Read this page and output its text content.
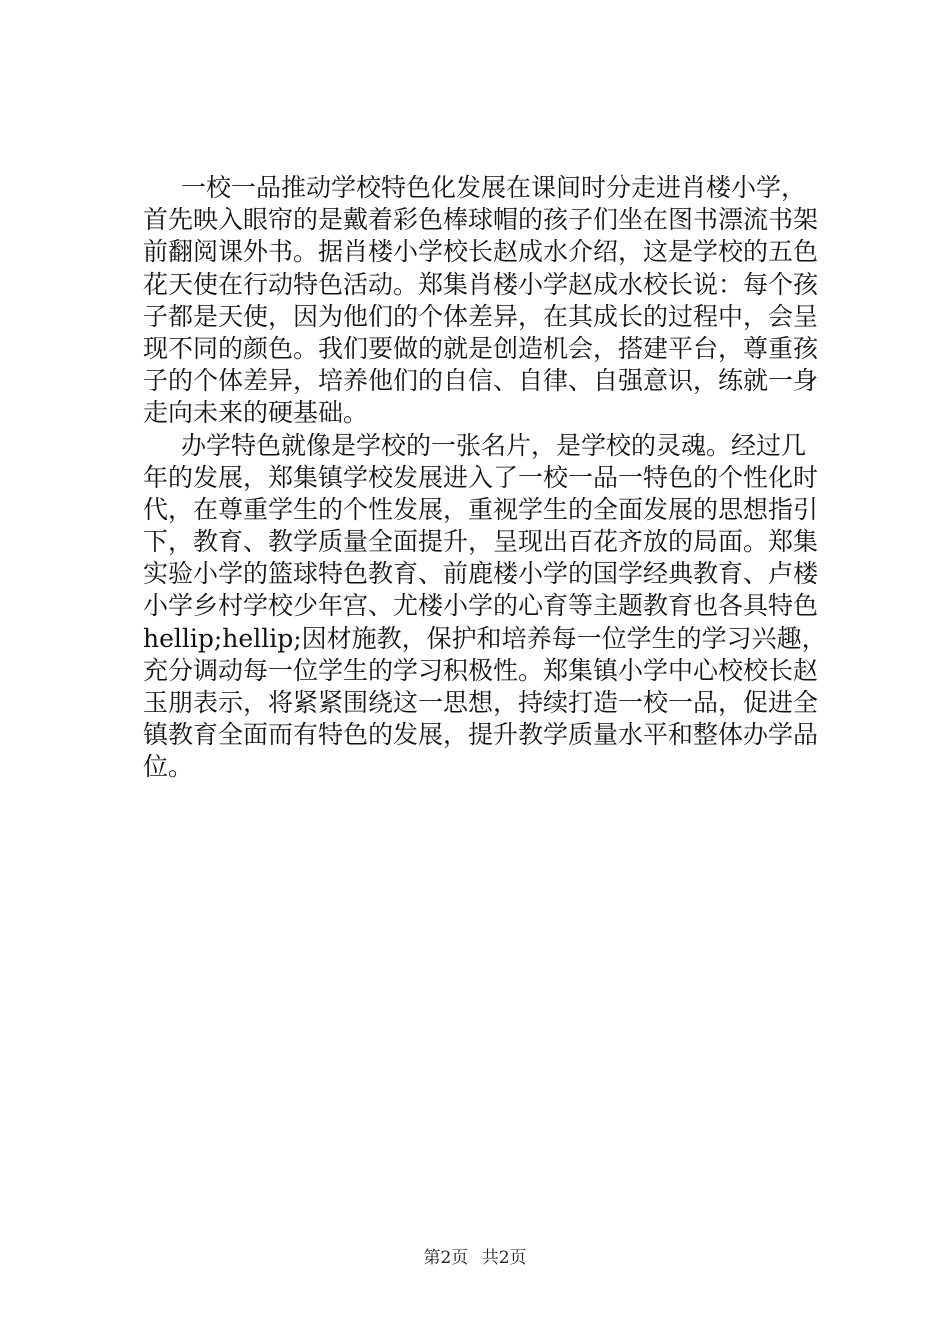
一校一品推动学校特色化发展在课间时分走进肖楼小学，
首先映入眼帘的是戴着彩色棒球帽的孩子们坐在图书漂流书架
前翻阅课外书。据肖楼小学校长赵成水介绍，这是学校的五色
花天使在行动特色活动。郑集肖楼小学赵成水校长说：每个孩
子都是天使，因为他们的个体差异，在其成长的过程中，会呈
现不同的颜色。我们要做的就是创造机会，搭建平台，尊重孩
子的个体差异，培养他们的自信、自律、自强意识，练就一身
走向未来的硬基础。
办学特色就像是学校的一张名片，是学校的灵魂。经过几
年的发展，郑集镇学校发展进入了一校一品一特色的个性化时
代，在尊重学生的个性发展，重视学生的全面发展的思想指引
下，教育、教学质量全面提升，呈现出百花齐放的局面。郑集
实验小学的篮球特色教育、前鹿楼小学的国学经典教育、卢楼
小学乡村学校少年宫、尤楼小学的心育等主题教育也各具特色
hellip;hellip;因材施教，保护和培养每一位学生的学习兴趣，
充分调动每一位学生的学习积极性。郑集镇小学中心校校长赵
玉朋表示，将紧紧围绕这一思想，持续打造一校一品，促进全
镇教育全面而有特色的发展，提升教学质量水平和整体办学品
位。
第2页 共2页
